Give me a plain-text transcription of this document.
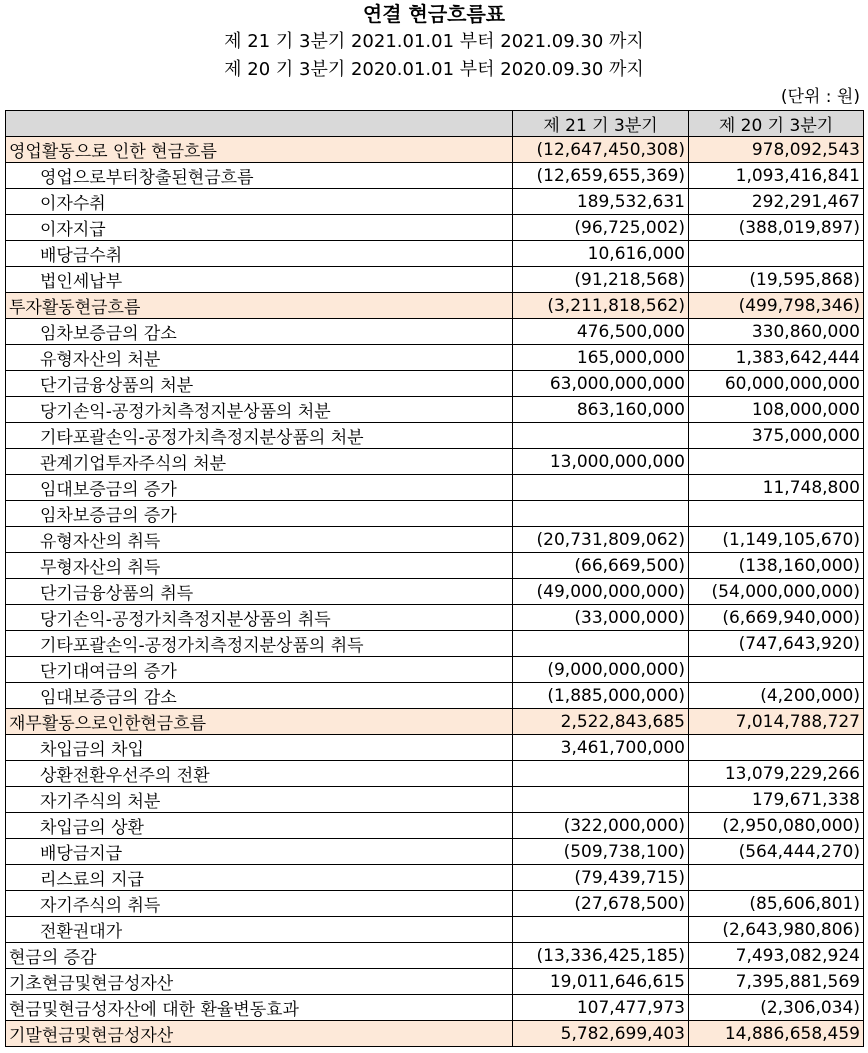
연결 현금흐름표
제 21 기 3분기 2021.01.01 부터 2021.09.30 까지
제 20 기 3분기 2020.01.01 부터 2020.09.30 까지
(단위 : 원)
	제 21 기 3분기	제 20 기 3분기
영업활동으로 인한 현금흐름	(12,647,450,308)	978,092,543
영업으로부터창출된현금흐름	(12,659,655,369)	1,093,416,841
이자수취	189,532,631	292,291,467
이자지급	(96,725,002)	(388,019,897)
배당금수취	10,616,000	
법인세납부	(91,218,568)	(19,595,868)
투자활동현금흐름	(3,211,818,562)	(499,798,346)
임차보증금의 감소	476,500,000	330,860,000
유형자산의 처분	165,000,000	1,383,642,444
단기금융상품의 처분	63,000,000,000	60,000,000,000
당기손익-공정가치측정지분상품의 처분	863,160,000	108,000,000
기타포괄손익-공정가치측정지분상품의 처분		375,000,000
관계기업투자주식의 처분	13,000,000,000	
임대보증금의 증가		11,748,800
임차보증금의 증가		
유형자산의 취득	(20,731,809,062)	(1,149,105,670)
무형자산의 취득	(66,669,500)	(138,160,000)
단기금융상품의 취득	(49,000,000,000)	(54,000,000,000)
당기손익-공정가치측정지분상품의 취득	(33,000,000)	(6,669,940,000)
기타포괄손익-공정가치측정지분상품의 취득		(747,643,920)
단기대여금의 증가	(9,000,000,000)	
임대보증금의 감소	(1,885,000,000)	(4,200,000)
재무활동으로인한현금흐름	2,522,843,685	7,014,788,727
차입금의 차입	3,461,700,000	
상환전환우선주의 전환		13,079,229,266
자기주식의 처분		179,671,338
차입금의 상환	(322,000,000)	(2,950,080,000)
배당금지급	(509,738,100)	(564,444,270)
리스료의 지급	(79,439,715)	
자기주식의 취득	(27,678,500)	(85,606,801)
전환권대가		(2,643,980,806)
현금의 증감	(13,336,425,185)	7,493,082,924
기초현금및현금성자산	19,011,646,615	7,395,881,569
현금및현금성자산에 대한 환율변동효과	107,477,973	(2,306,034)
기말현금및현금성자산	5,782,699,403	14,886,658,459
